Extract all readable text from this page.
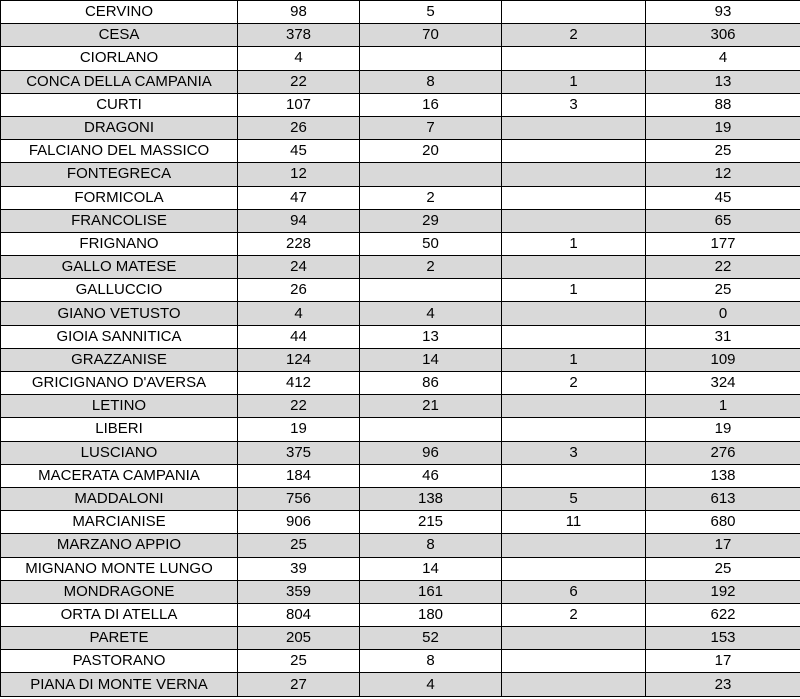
CERVINO	98	5		93
CESA	378	70	2	306
CIORLANO	4			4
CONCA DELLA CAMPANIA	22	8	1	13
CURTI	107	16	3	88
DRAGONI	26	7		19
FALCIANO DEL MASSICO	45	20		25
FONTEGRECA	12			12
FORMICOLA	47	2		45
FRANCOLISE	94	29		65
FRIGNANO	228	50	1	177
GALLO MATESE	24	2		22
GALLUCCIO	26		1	25
GIANO VETUSTO	4	4		0
GIOIA SANNITICA	44	13		31
GRAZZANISE	124	14	1	109
GRICIGNANO D'AVERSA	412	86	2	324
LETINO	22	21		1
LIBERI	19			19
LUSCIANO	375	96	3	276
MACERATA CAMPANIA	184	46		138
MADDALONI	756	138	5	613
MARCIANISE	906	215	11	680
MARZANO APPIO	25	8		17
MIGNANO MONTE LUNGO	39	14		25
MONDRAGONE	359	161	6	192
ORTA DI ATELLA	804	180	2	622
PARETE	205	52		153
PASTORANO	25	8		17
PIANA DI MONTE VERNA	27	4		23
